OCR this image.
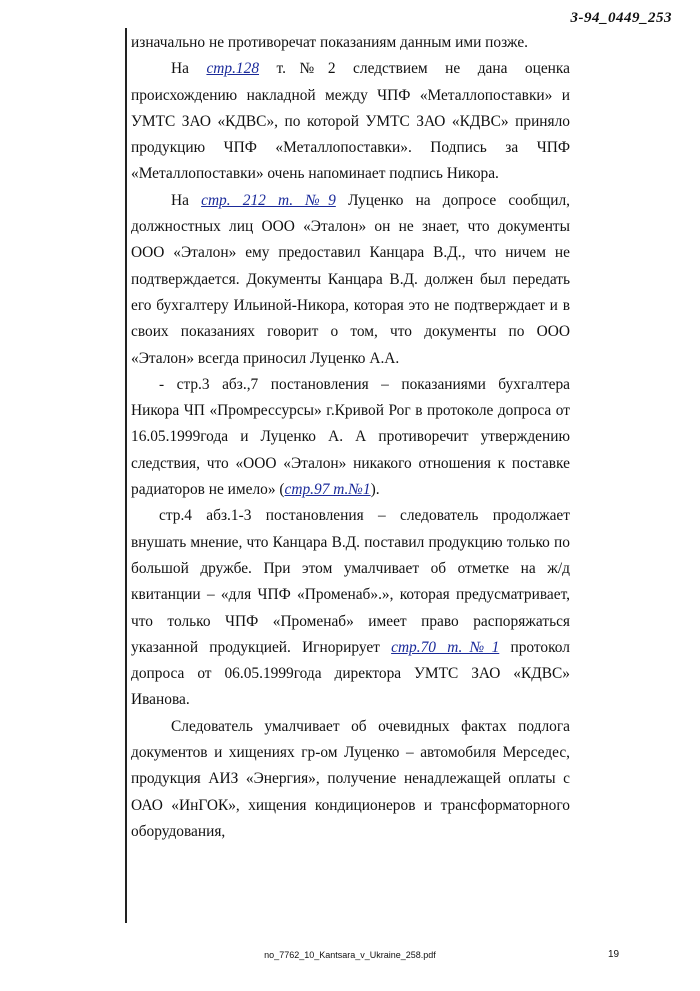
3-94_0449_253

изначально не противоречат показаниям данным ими позже.

На стр.128 т.№2 следствием не дана оценка происхождению накладной между ЧПФ «Металлопоставки» и УМТС ЗАО «КДВС», по которой УМТС ЗАО «КДВС» приняло продукцию ЧПФ «Металлопоставки». Подпись за ЧПФ «Металлопоставки» очень напоминает подпись Никора.

На стр. 212 т. №9 Луценко на допросе сообщил, должностных лиц ООО «Эталон» он не знает, что документы ООО «Эталон» ему предоставил Канцара В.Д., что ничем не подтверждается. Документы Канцара В.Д. должен был передать его бухгалтеру Ильиной-Никора, которая это не подтверждает и в своих показаниях говорит о том, что документы по ООО «Эталон» всегда приносил Луценко А.А.

- стр.3 абз.,7 постановления – показаниями бухгалтера Никора ЧП «Промрессурсы» г.Кривой Рог в протоколе допроса от 16.05.1999года и Луценко А. А противоречит утверждению следствия, что «ООО «Эталон» никакого отношения к поставке радиаторов не имело» (стр.97 т.№1).

стр.4 абз.1-3 постановления – следователь продолжает внушать мнение, что Канцара В.Д. поставил продукцию только по большой дружбе. При этом умалчивает об отметке на ж/д квитанции – «для ЧПФ «Променаб».», которая предусматривает, что только ЧПФ «Променаб» имеет право распоряжаться указанной продукцией. Игнорирует стр.70 т.№1 протокол допроса от 06.05.1999года директора УМТС ЗАО «КДВС» Иванова.

Следователь умалчивает об очевидных фактах подлога документов и хищениях гр-ом Луценко – автомобиля Мерседес, продукция АИЗ «Энергия», получение ненадлежащей оплаты с ОАО «ИнГОК», хищения кондиционеров и трансформаторного оборудования,

no_7762_10_Kantsara_v_Ukraine_258.pdf	19
